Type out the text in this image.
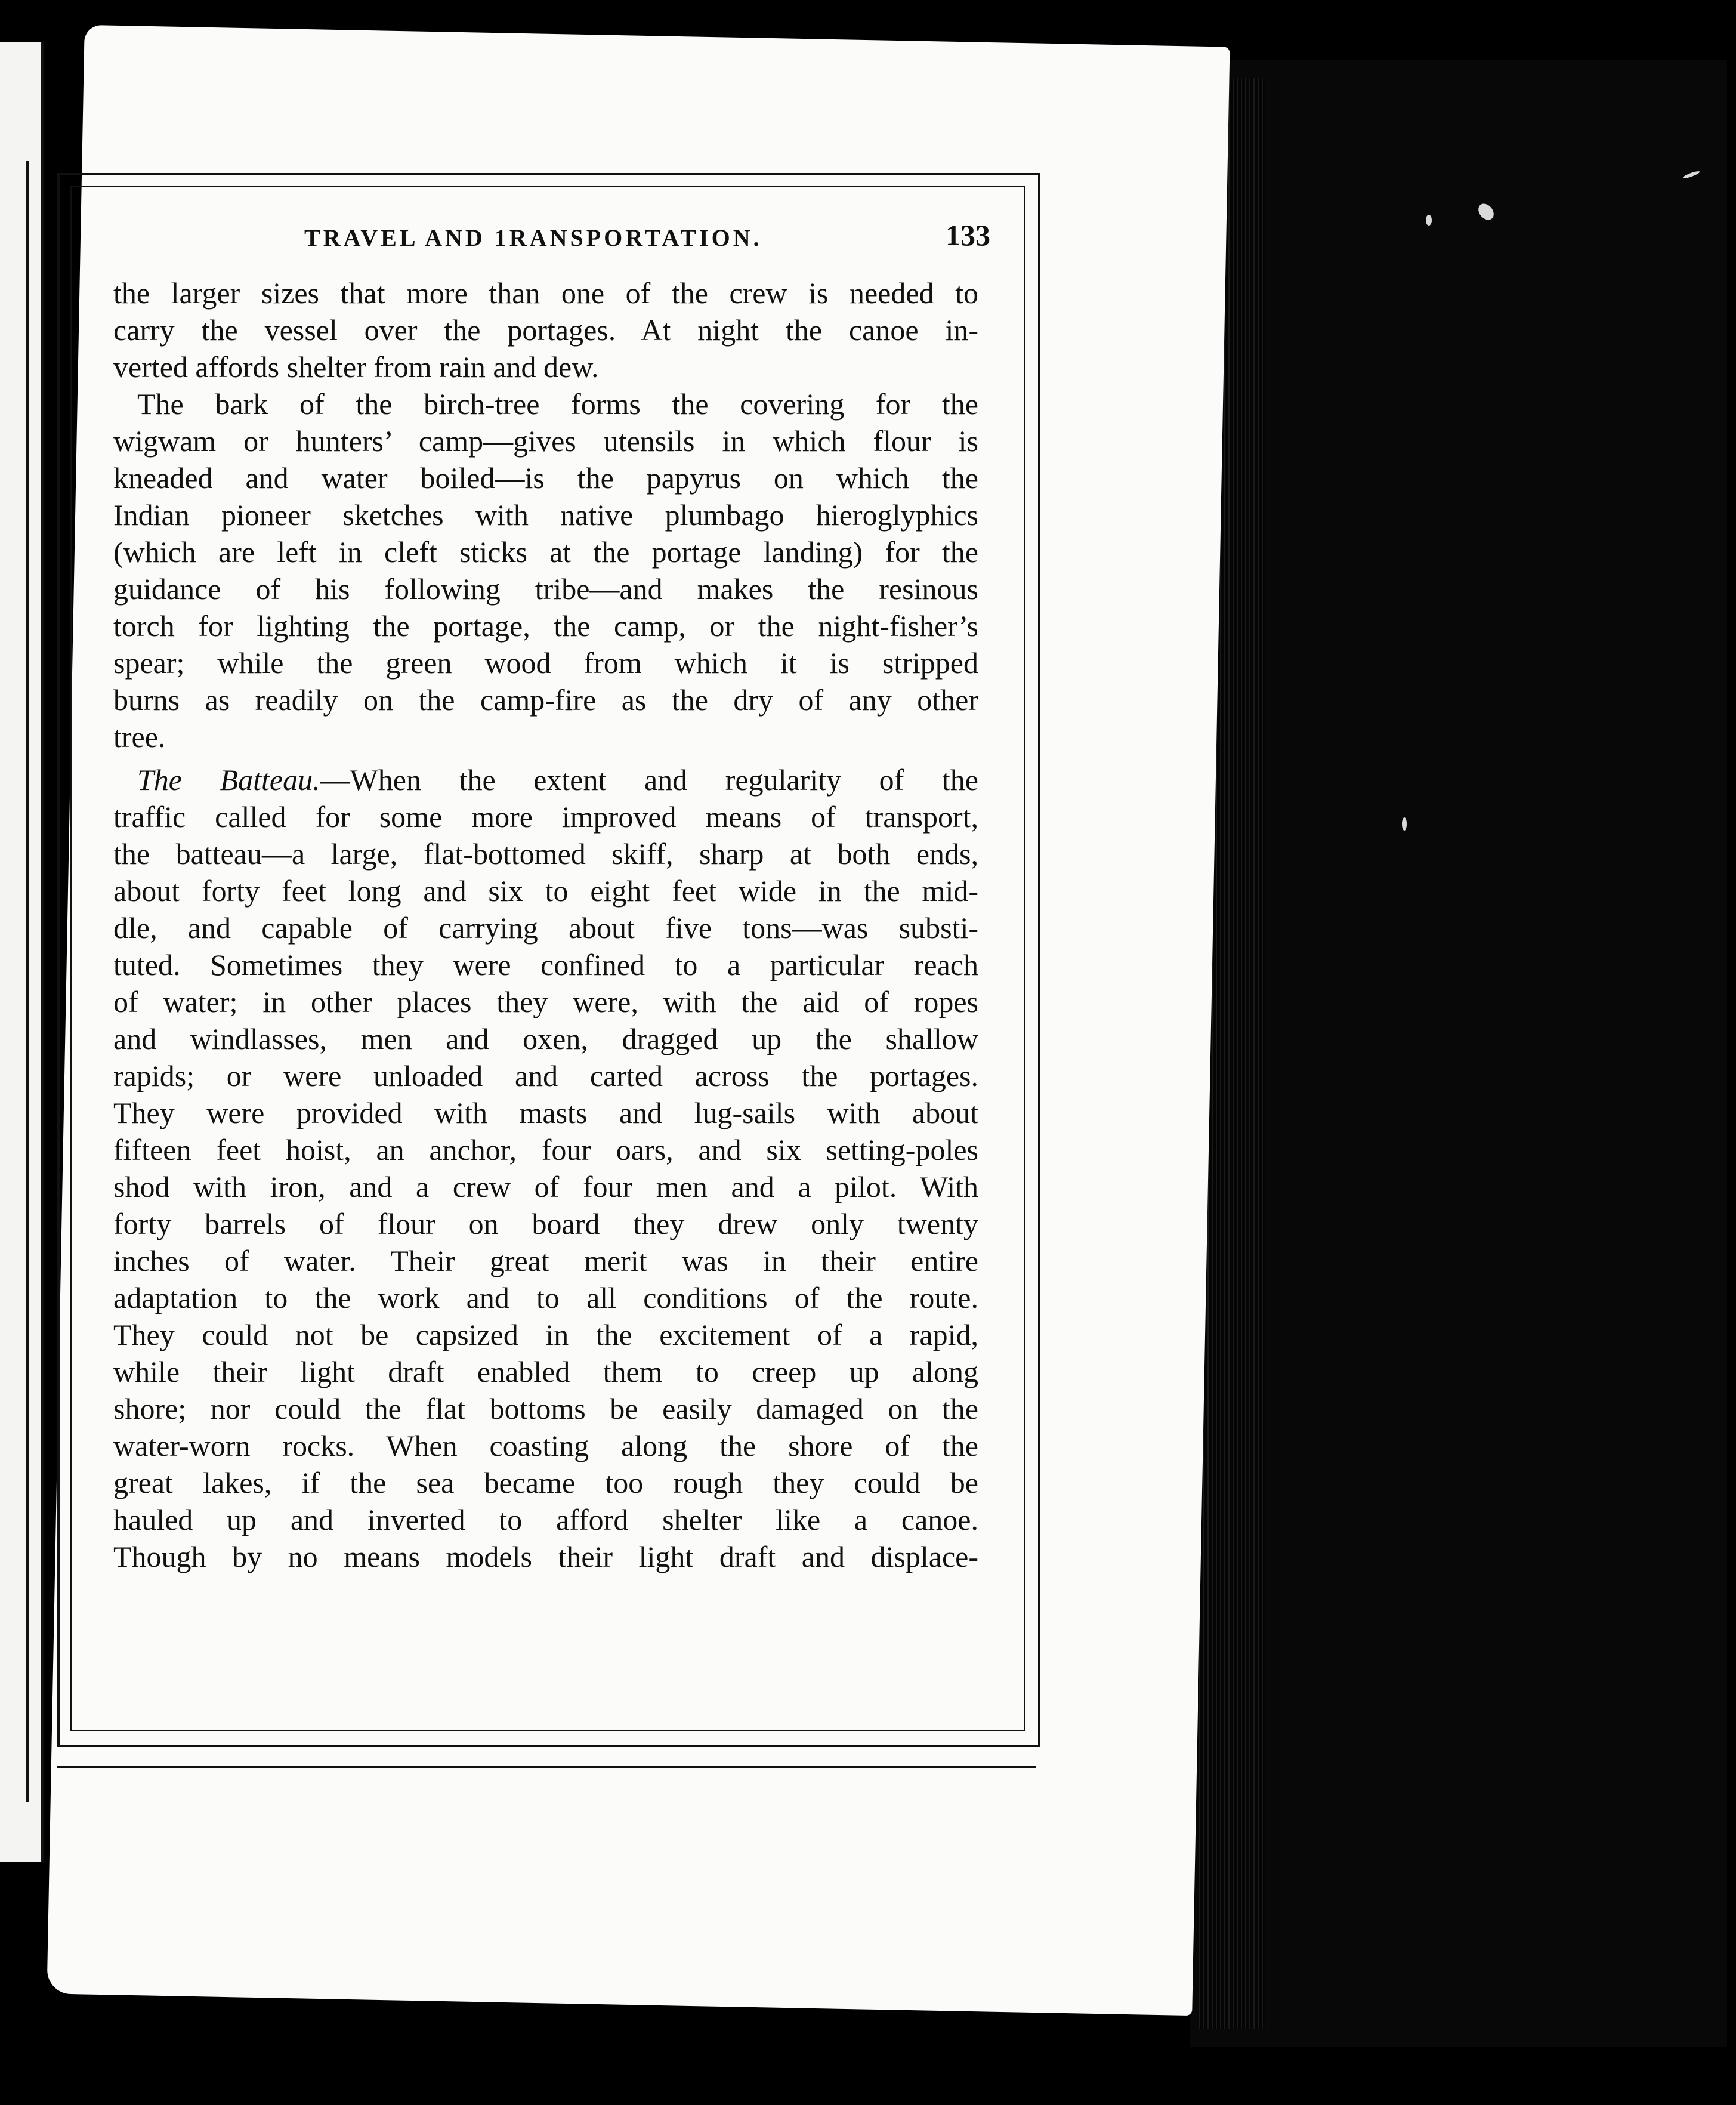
TRAVEL AND 1RANSPORTATION.	133
the larger sizes that more than one of the crew is needed to
carry the vessel over the portages. At night the canoe in-
verted affords shelter from rain and dew.
The bark of the birch-tree forms the covering for the
wigwam or hunters’ camp—gives utensils in which flour is
kneaded and water boiled—is the papyrus on which the
Indian pioneer sketches with native plumbago hieroglyphics
(which are left in cleft sticks at the portage landing) for the
guidance of his following tribe—and makes the resinous
torch for lighting the portage, the camp, or the night-fisher’s
spear; while the green wood from which it is stripped
burns as readily on the camp-fire as the dry of any other
tree.
The Batteau.—When the extent and regularity of the
traffic called for some more improved means of transport,
the batteau—a large, flat-bottomed skiff, sharp at both ends,
about forty feet long and six to eight feet wide in the mid-
dle, and capable of carrying about five tons—was substi-
tuted. Sometimes they were confined to a particular reach
of water; in other places they were, with the aid of ropes
and windlasses, men and oxen, dragged up the shallow
rapids; or were unloaded and carted across the portages.
They were provided with masts and lug-sails with about
fifteen feet hoist, an anchor, four oars, and six setting-poles
shod with iron, and a crew of four men and a pilot. With
forty barrels of flour on board they drew only twenty
inches of water. Their great merit was in their entire
adaptation to the work and to all conditions of the route.
They could not be capsized in the excitement of a rapid,
while their light draft enabled them to creep up along
shore; nor could the flat bottoms be easily damaged on the
water-worn rocks. When coasting along the shore of the
great lakes, if the sea became too rough they could be
hauled up and inverted to afford shelter like a canoe.
Though by no means models their light draft and displace-
